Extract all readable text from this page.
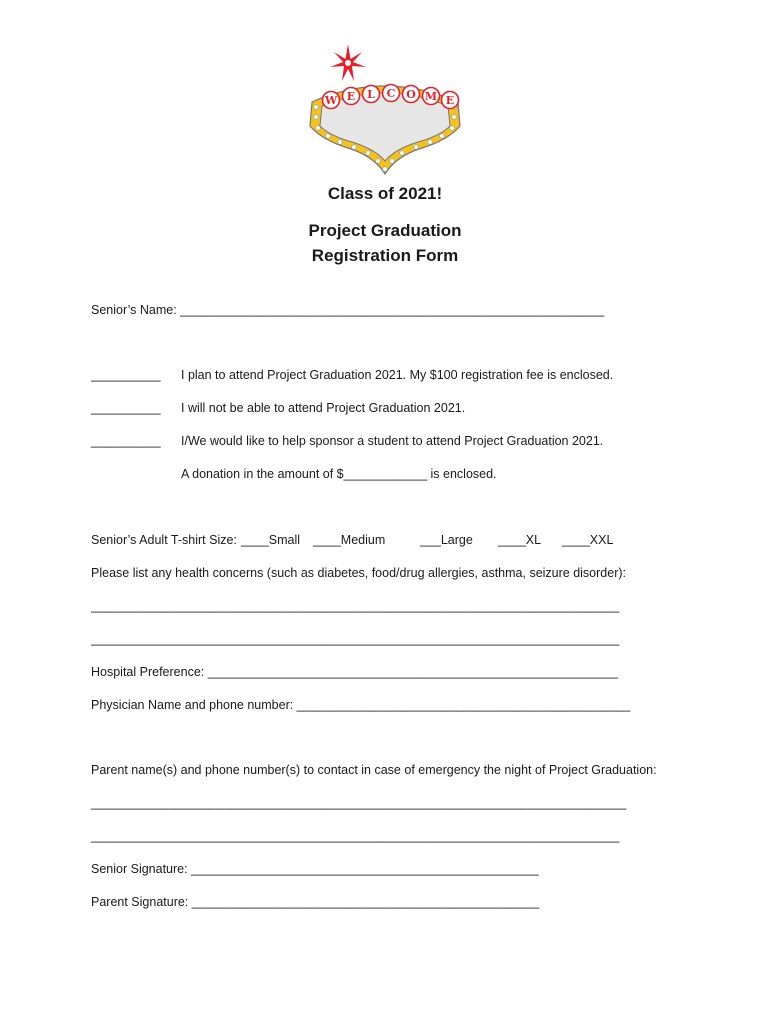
W E L C O M E
Class of 2021!
Project Graduation
Registration Form
Senior’s Name: _____________________________________________________________
__________ I plan to attend Project Graduation 2021. My $100 registration fee is enclosed.
__________ I will not be able to attend Project Graduation 2021.
__________ I/We would like to help sponsor a student to attend Project Graduation 2021.
A donation in the amount of $____________ is enclosed.
Senior’s Adult T-shirt Size: ____Small ____Medium	___Large ____XL ____XXL
Please list any health concerns (such as diabetes, food/drug allergies, asthma, seizure disorder):
____________________________________________________________________________
____________________________________________________________________________
Hospital Preference: ___________________________________________________________
Physician Name and phone number: ________________________________________________
Parent name(s) and phone number(s) to contact in case of emergency the night of Project Graduation:
_____________________________________________________________________________
____________________________________________________________________________
Senior Signature: __________________________________________________
Parent Signature: __________________________________________________
